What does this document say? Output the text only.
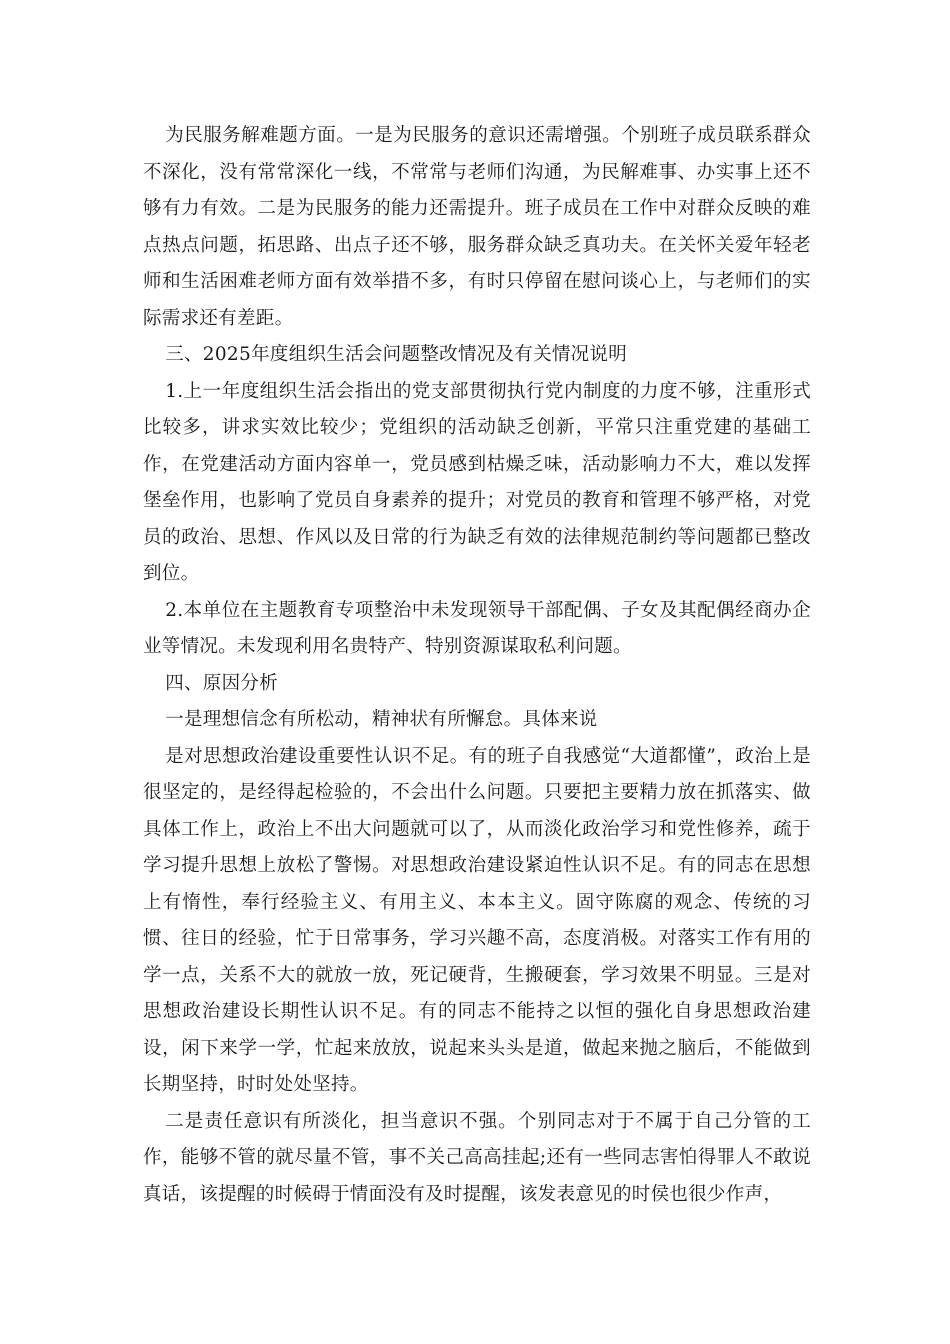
为民服务解难题方面。一是为民服务的意识还需增强。个别班子成员联系群众不深化，没有常常深化一线，不常常与老师们沟通，为民解难事、办实事上还不够有力有效。二是为民服务的能力还需提升。班子成员在工作中对群众反映的难点热点问题，拓思路、出点子还不够，服务群众缺乏真功夫。在关怀关爱年轻老师和生活困难老师方面有效举措不多，有时只停留在慰问谈心上，与老师们的实际需求还有差距。

三、2025年度组织生活会问题整改情况及有关情况说明

1.上一年度组织生活会指出的党支部贯彻执行党内制度的力度不够，注重形式比较多，讲求实效比较少；党组织的活动缺乏创新，平常只注重党建的基础工作，在党建活动方面内容单一，党员感到枯燥乏味，活动影响力不大，难以发挥堡垒作用，也影响了党员自身素养的提升；对党员的教育和管理不够严格，对党员的政治、思想、作风以及日常的行为缺乏有效的法律规范制约等问题都已整改到位。

2.本单位在主题教育专项整治中未发现领导干部配偶、子女及其配偶经商办企业等情况。未发现利用名贵特产、特别资源谋取私利问题。

四、原因分析

一是理想信念有所松动，精神状有所懈怠。具体来说

是对思想政治建设重要性认识不足。有的班子自我感觉“大道都懂”，政治上是很坚定的，是经得起检验的，不会出什么问题。只要把主要精力放在抓落实、做具体工作上，政治上不出大问题就可以了，从而淡化政治学习和党性修养，疏于学习提升思想上放松了警惕。对思想政治建设紧迫性认识不足。有的同志在思想上有惰性，奉行经验主义、有用主义、本本主义。固守陈腐的观念、传统的习惯、往日的经验，忙于日常事务，学习兴趣不高，态度消极。对落实工作有用的学一点，关系不大的就放一放，死记硬背，生搬硬套，学习效果不明显。三是对思想政治建设长期性认识不足。有的同志不能持之以恒的强化自身思想政治建设，闲下来学一学，忙起来放放，说起来头头是道，做起来抛之脑后，不能做到长期坚持，时时处处坚持。

二是责任意识有所淡化，担当意识不强。个别同志对于不属于自己分管的工作，能够不管的就尽量不管，事不关己高高挂起;还有一些同志害怕得罪人不敢说真话，该提醒的时候碍于情面没有及时提醒，该发表意见的时侯也很少作声，
